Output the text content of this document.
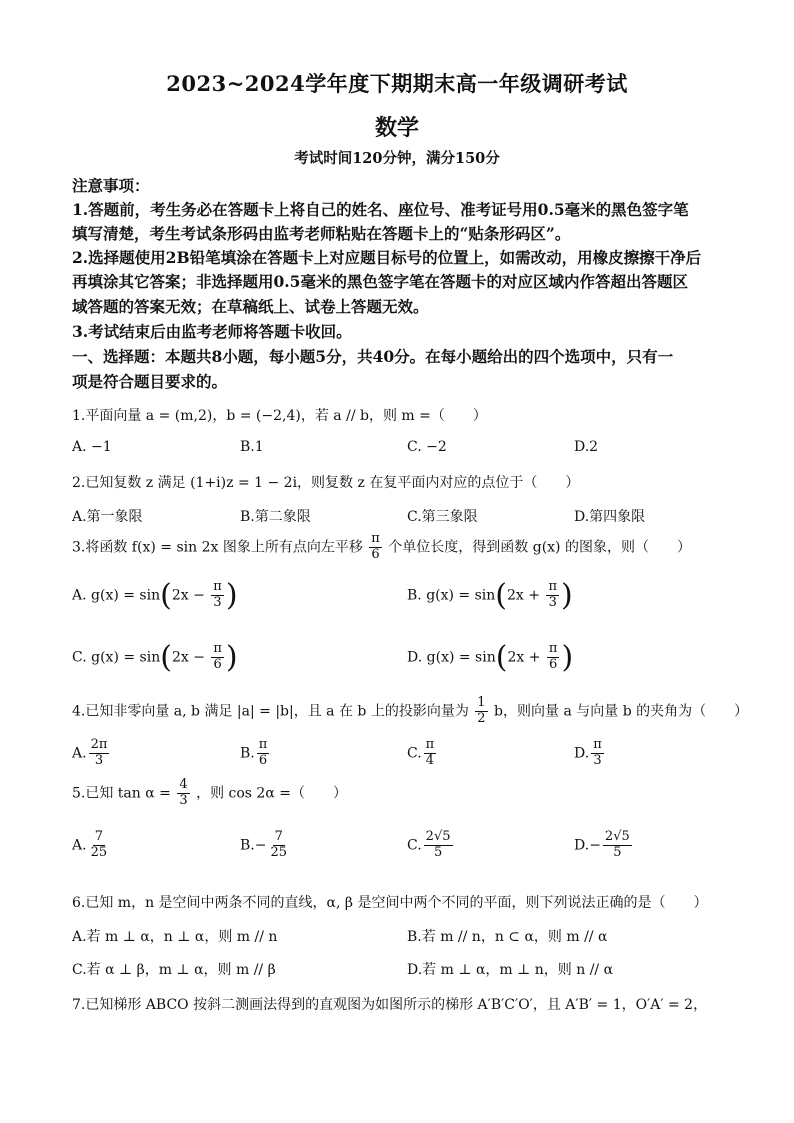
2023~2024学年度下期期末高一年级调研考试
数学
考试时间120分钟，满分150分
注意事项：
1.答题前，考生务必在答题卡上将自己的姓名、座位号、准考证号用0.5毫米的黑色签字笔
填写清楚，考生考试条形码由监考老师粘贴在答题卡上的“贴条形码区”。
2.选择题使用2B铅笔填涂在答题卡上对应题目标号的位置上，如需改动，用橡皮擦擦干净后
再填涂其它答案；非选择题用0.5毫米的黑色签字笔在答题卡的对应区域内作答超出答题区
域答题的答案无效；在草稿纸上、试卷上答题无效。
3.考试结束后由监考老师将答题卡收回。
一、选择题：本题共8小题，每小题5分，共40分。在每小题给出的四个选项中，只有一
项是符合题目要求的。
1.平面向量 a = (m,2)，b = (−2,4)，若 a // b，则 m =（　　）
A. −1	B.1	C. −2	D.2
2.已知复数 z 满足 (1+i)z = 1 − 2i，则复数 z 在复平面内对应的点位于（　　）
A.第一象限	B.第二象限	C.第三象限	D.第四象限
3.将函数 f(x) = sin 2x 图象上所有点向左平移 $\frac{\pi}{6}$ 个单位长度，得到函数 g(x) 的图象，则（　　）
A. $g(x) = \sin(2x - \frac{\pi}{3}$ )	B. $g(x) = \sin(2x + \frac{\pi}{3}$ )
C. $g(x) = \sin(2x - \frac{\pi}{6}$ )	D. $g(x) = \sin(2x + \frac{\pi}{6}$ )
4.已知非零向量 a, b 满足 |a| = |b|，且 a 在 b 上的投影向量为 $\frac{1}{2}$ b，则向量 a 与向量 b 的夹角为（　　）
A. $\frac{2\pi}{3}$	B. $\frac{\pi}{6}$	C. $\frac{\pi}{4}$	D. $\frac{\pi}{3}$
5.已知 $\tan \alpha = \frac{4}{3}$ ，则 cos 2α =（　　）
A. $\frac{7}{25}$	$B.- \frac{7}{25}$	C. $\frac{2√5}{5}$	$D.- \frac{2√5}{5}$
6.已知 m，n 是空间中两条不同的直线，α, β 是空间中两个不同的平面，则下列说法正确的是（　　）
A.若 m ⊥ α，n ⊥ α，则 m // n	B.若 m // n，n ⊂ α，则 m // α
C.若 α ⊥ β，m ⊥ α，则 m // β	D.若 m ⊥ α，m ⊥ n，则 n // α
7.已知梯形 ABCO 按斜二测画法得到的直观图为如图所示的梯形 A′B′C′O′，且 A′B′ = 1，O′A′ = 2，
